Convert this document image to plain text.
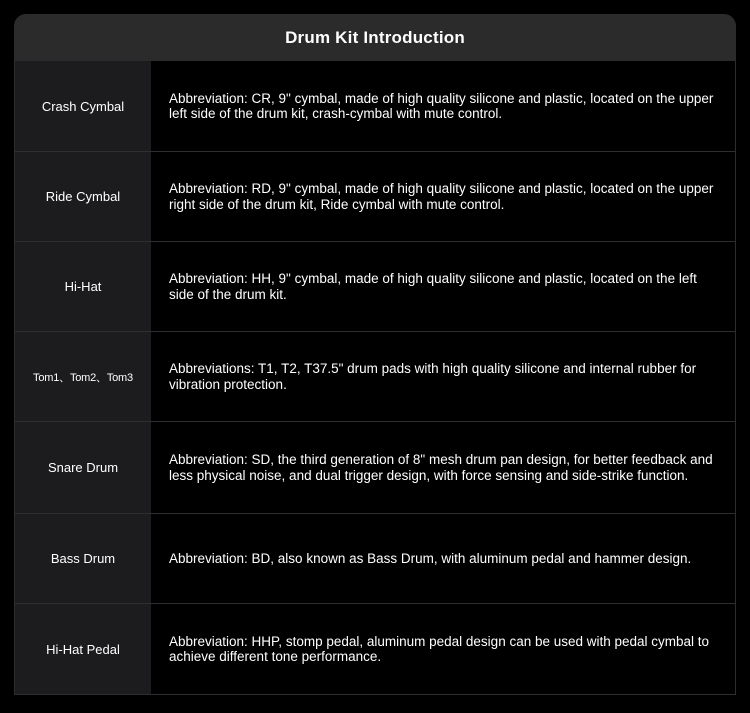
Drum Kit Introduction
Crash Cymbal
Abbreviation: CR, 9" cymbal, made of high quality silicone and plastic, located on the upper left side of the drum kit, crash-cymbal with mute control.
Ride Cymbal
Abbreviation: RD, 9" cymbal, made of high quality silicone and plastic, located on the upper right side of the drum kit, Ride cymbal with mute control.
Hi-Hat
Abbreviation: HH, 9" cymbal, made of high quality silicone and plastic, located on the left side of the drum kit.
Tom1、Tom2、Tom3
Abbreviations: T1, T2, T37.5" drum pads with high quality silicone and internal rubber for vibration protection.
Snare Drum
Abbreviation: SD, the third generation of 8" mesh drum pan design, for better feedback and less physical noise, and dual trigger design, with force sensing and side-strike function.
Bass Drum	Abbreviation: BD, also known as Bass Drum, with aluminum pedal and hammer design.
Hi-Hat Pedal
Abbreviation: HHP, stomp pedal, aluminum pedal design can be used with pedal cymbal to achieve different tone performance.
